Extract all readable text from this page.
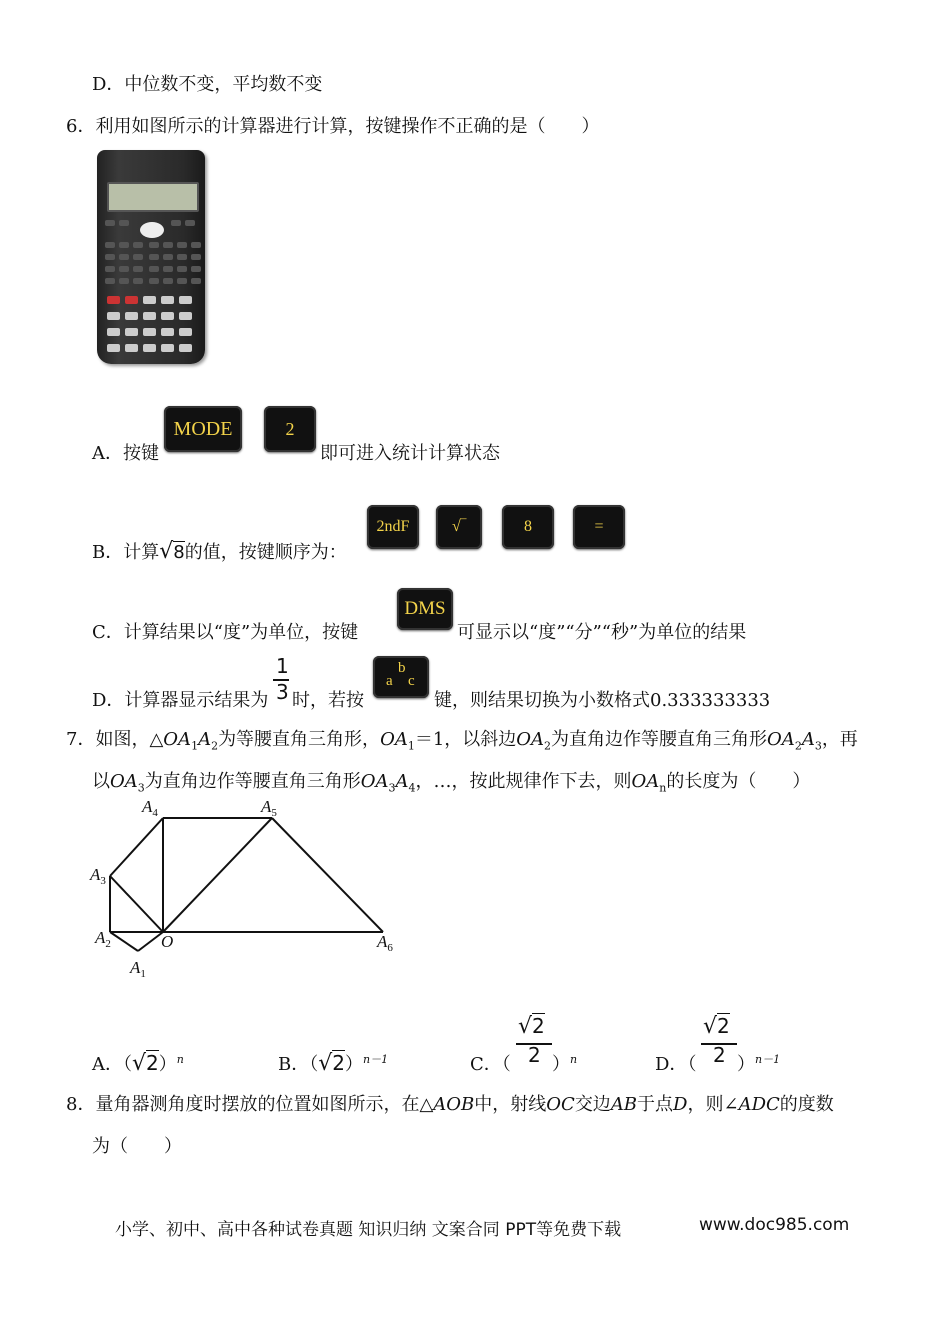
D．中位数不变，平均数不变
6．利用如图所示的计算器进行计算，按键操作不正确的是（　　）
A．按键
MODE	2
即可进入统计计算状态
B．计算√8的值，按键顺序为：
2ndF	√‾	8	=
C．计算结果以“度”为单位，按键
DMS
可显示以“度”“分”“秒”为单位的结果
D．计算器显示结果为
1
3 时，若按
a
b
c
键，则结果切换为小数格式0.333333333
7．如图，$\triangle OA_1A_2$为等腰直角三角形，$OA_1=1$，以斜边$OA_2$为直角边作等腰直角三角形$OA_2A_3$，再
以$OA_3$为直角边作等腰直角三角形$OA_3A_4$，…，按此规律作下去，则$OA_n$的长度为（　　）
$A_1$
$A_2$
$A_3$
$A_4$	$A_5$
$A_6$
O
A．$(√2)^n$	B．$(√2)^{n-1}$	C．（
√2
2 ）$^n$	D．（
√2
2 ）$^{n-1}$
8．量角器测角度时摆放的位置如图所示，在△AOB中，射线OC交边AB于点D，则∠ADC的度数
为（　　）
小学、初中、高中各种试卷真题 知识归纳 文案合同 PPT等免费下载	www.doc985.com
